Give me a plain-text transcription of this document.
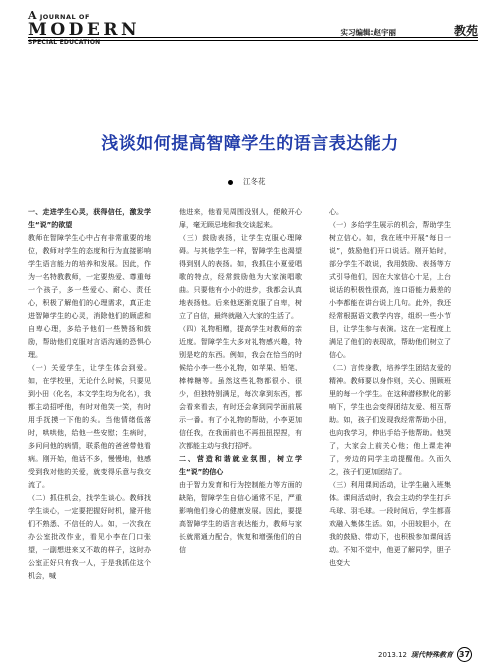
A JOURNAL OF
MODERN
SPECIAL EDUCATION
实习编辑:赵宇丽	教苑
浅谈如何提高智障学生的语言表达能力
江冬花

一、走进学生心灵，获得信任，激发学生“说”的欲望

教师在智障学生心中占有非常重要的地位，教师对学生的态度和行为直接影响学生语言能力的培养和发展。因此，作为一名特教教师，一定要热爱、尊重每一个孩子，多一些爱心、耐心、责任心，积极了解他们的心理需求，真正走进智障学生的心灵，消除他们的顾虑和自卑心理，多给予他们一些赞扬和鼓励，帮助他们克服对言语沟通的恐惧心理。

（一）关爱学生，让学生体会到爱。如，在学校里，无论什么时候，只要见到小田（化名，本文学生均为化名），我都主动招呼他，有时对他笑一笑，有时用手抚摸一下他的头。当他情绪低落时，哄哄他，给他一些安慰；生病时，多问问他的病情，联系他的爸爸带他看病。刚开始，他话不多，慢慢地，他感受到我对他的关爱，就变得乐意与我交流了。

（二）抓住机会，找学生谈心。教师找学生谈心，一定要把握好时机，避开他们不熟悉、不信任的人。如，一次我在办公室批改作业，看见小李在门口张望，一副想进来又不敢的样子，这时办公室正好只有我一人，于是我抓住这个机会，喊

他进来，他看见周围没别人，便敞开心扉，毫无顾忌地和我交谈起来。

（三）鼓励表扬，让学生克服心理障碍。与其他学生一样，智障学生也渴望得到别人的表扬。如，我抓住小夏爱唱歌的特点，经常鼓励他为大家演唱歌曲。只要他有小小的进步，我都会认真地表扬他。后来他逐渐克服了自卑，树立了自信，最终就融入大家的生活了。

（四）礼物相赠，提高学生对教师的亲近度。智障学生大多对礼物感兴趣，特别是吃的东西。例如，我会在恰当的时候给小李一些小礼物，如苹果、铅笔、棒棒糖等。虽然这些礼物都很小、很少，但独特别满足，每次拿到东西，都会看来看去，有时还会拿到同学面前展示一番。有了小礼物的帮助，小李更加信任我，在我面前也不再扭扭捏捏，有次都能主动与我打招呼。

二、营造和谐就业氛围，树立学生“说”的信心

由于智力发育和行为控制能力等方面的缺陷，智障学生自信心通常不足，严重影响他们身心的健康发展。因此，要提高智障学生的语言表达能力，教师与家长就需通力配合，恢复和增强他们的自信

心。

（一）多给学生展示的机会，帮助学生树立信心。如，我在班中开展“每日一说”，鼓励他们开口说话。刚开始时，部分学生不敢说，我用鼓励、表扬等方式引导他们，因在大家信心十足，上台说话的积极性很高，连口语能力最差的小李都能在讲台说上几句。此外，我还经常根据语文教学内容，组织一些小节目，让学生参与表演。这在一定程度上满足了他们的表现欲，帮助他们树立了信心。

（二）言传身教，培养学生团结友爱的精神。教师要以身作则，关心、照顾班里的每一个学生。在这种潜移默化的影响下，学生也会变得团结友爱、相互帮助。如，孩子们发现我经常帮助小田，也向我学习，伸出手给予他帮助。他哭了，大家会上前关心他；他上课走神了，旁边的同学主动提醒他。久而久之，孩子们更加团结了。

（三）利用课间活动，让学生融入班集体。课间活动时，我会主动约学生打乒乓球、羽毛球。一段时间后，学生都喜欢融入集体生活。如，小田较胆小，在我的鼓励、带动下，也积极参加课间活动。不知不觉中，他更了解同学，胆子也变大

2013.12 现代特殊教育 37
